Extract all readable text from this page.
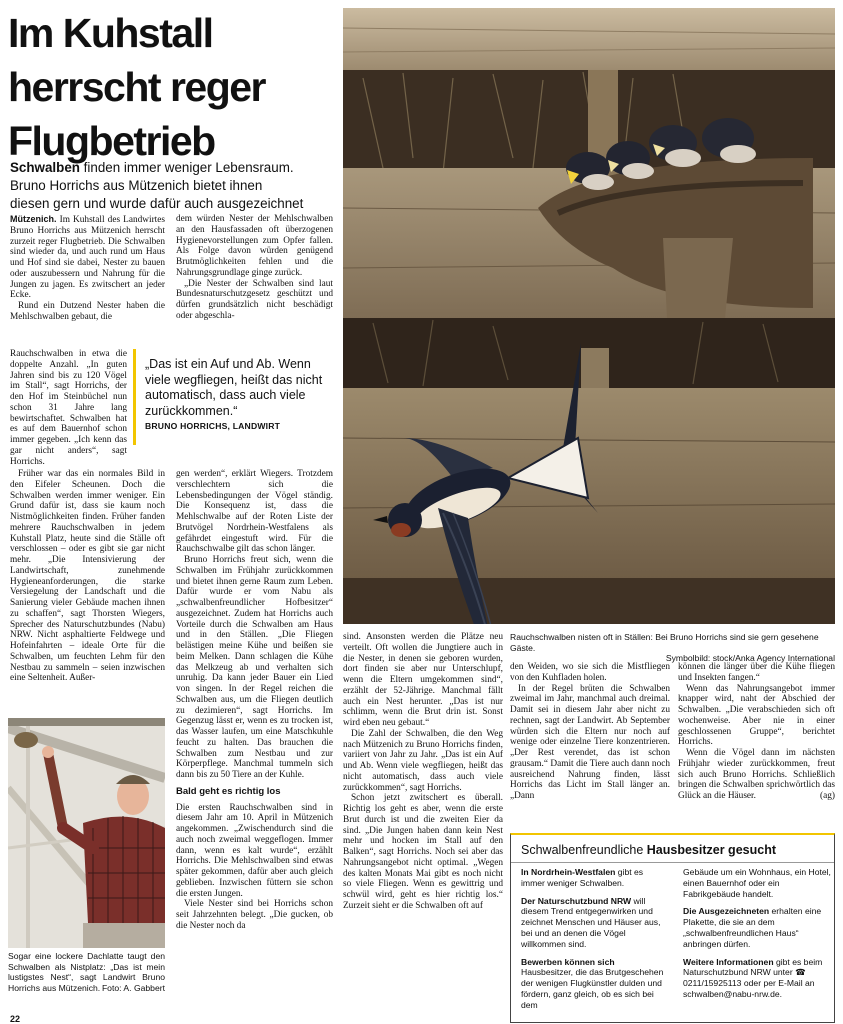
Im Kuhstall
herrscht reger
Flugbetrieb
Schwalben finden immer weniger Lebensraum.
Bruno Horrichs aus Mützenich bietet ihnen
diesen gern und wurde dafür auch ausgezeichnet

Mützenich. Im Kuhstall des Landwirtes Bruno Horrichs aus Mützenich herrscht zurzeit reger Flugbetrieb. Die Schwalben sind wieder da, und auch rund um Haus und Hof sind sie dabei, Nester zu bauen oder auszubessern und Nahrung für die Jungen zu jagen. Es zwitschert an jeder Ecke.

Rund ein Dutzend Nester haben die Mehlschwalben gebaut, die

Rauchschwalben in etwa die doppelte Anzahl. „In guten Jahren sind bis zu 120 Vögel im Stall“, sagt Horrichs, der den Hof im Steinbüchel nun schon 31 Jahre lang bewirtschaftet. Schwalben hat es auf dem Bauernhof schon immer gegeben. „Ich kenn das gar nicht anders“, sagt Horrichs.

Früher war das ein normales Bild in den Eifeler Scheunen. Doch die Schwalben werden immer weniger. Ein Grund dafür ist, dass sie kaum noch Nistmöglichkeiten finden. Früher fanden mehrere Rauchschwalben in jedem Kuhstall Platz, heute sind die Ställe oft verschlossen – oder es gibt sie gar nicht mehr. „Die Intensivierung der Landwirtschaft, zunehmende Hygieneanforderungen, die starke Versiegelung der Landschaft und die Sanierung vieler Gebäude machen ihnen zu schaffen“, sagt Thorsten Wiegers, Sprecher des Naturschutzbundes (Nabu) NRW. Nicht asphaltierte Feldwege und Hofeinfahrten – ideale Orte für die Schwalben, um feuchten Lehm für den Nestbau zu sammeln – seien inzwischen eine Seltenheit. Außer-

dem würden Nester der Mehlschwalben an den Hausfassaden oft überzogenen Hygienevorstellungen zum Opfer fallen. Als Folge davon würden genügend Brutmöglichkeiten fehlen und die Nahrungsgrundlage ginge zurück.

„Die Nester der Schwalben sind laut Bundesnaturschutzgesetz geschützt und dürfen grundsätzlich nicht beschädigt oder abgeschla-

gen werden“, erklärt Wiegers. Trotzdem verschlechtern sich die Lebensbedingungen der Vögel ständig. Die Konsequenz ist, dass die Mehlschwalbe auf der Roten Liste der Brutvögel Nordrhein-Westfalens als gefährdet eingestuft wird. Für die Rauchschwalbe gilt das schon länger.

Bruno Horrichs freut sich, wenn die Schwalben im Frühjahr zurückkommen und bietet ihnen gerne Raum zum Leben. Dafür wurde er vom Nabu als „schwalbenfreundlicher Hofbesitzer“ ausgezeichnet. Zudem hat Horrichs auch Vorteile durch die Schwalben am Haus und in den Ställen. „Die Fliegen belästigen meine Kühe und beißen sie beim Melken. Dann schlagen die Kühe das Melkzeug ab und verhalten sich unruhig. Da kann jeder Bauer ein Lied von singen. In der Regel reichen die Schwalben aus, um die Fliegen deutlich zu dezimieren“, sagt Horrichs. Im Gegenzug lässt er, wenn es zu trocken ist, das Wasser laufen, um eine Matschkuhle feucht zu halten. Das brauchen die Schwalben zum Nestbau und zur Körperpflege. Manchmal tummeln sich dann bis zu 50 Tiere an der Kuhle.

Bald geht es richtig los

Die ersten Rauchschwalben sind in diesem Jahr am 10. April in Mützenich angekommen. „Zwischendurch sind die auch noch zweimal weggeflogen. Immer dann, wenn es kalt wurde“, erzählt Horrichs. Die Mehlschwalben sind etwas später gekommen, dafür aber auch gleich geblieben. Inzwischen füttern sie schon die ersten Jungen.

Viele Nester sind bei Horrichs schon seit Jahrzehnten belegt. „Die gucken, ob die Nester noch da

„Das ist ein Auf und Ab. Wenn viele wegfliegen, heißt das nicht automatisch, dass auch viele zurückkommen.“
BRUNO HORRICHS, LANDWIRT
Rauchschwalben nisten oft in Ställen: Bei Bruno Horrichs sind sie gern gesehene Gäste.
Symbolbild: stock/Anka Agency International
Sogar eine lockere Dachlatte taugt den Schwalben als Nistplatz: „Das ist mein lustigstes Nest“, sagt Landwirt Bruno Horrichs aus Mützenich. Foto: A. Gabbert

sind. Ansonsten werden die Plätze neu verteilt. Oft wollen die Jungtiere auch in die Nester, in denen sie geboren wurden, dort finden sie aber nur Unterschlupf, wenn die Eltern umgekommen sind“, erzählt der 52-Jährige. Manchmal fällt auch ein Nest herunter. „Das ist nur schlimm, wenn die Brut drin ist. Sonst wird eben neu gebaut.“

Die Zahl der Schwalben, die den Weg nach Mützenich zu Bruno Horrichs finden, variiert von Jahr zu Jahr. „Das ist ein Auf und Ab. Wenn viele wegfliegen, heißt das nicht automatisch, dass auch viele zurückkommen“, sagt Horrichs.

Schon jetzt zwitschert es überall. Richtig los geht es aber, wenn die erste Brut durch ist und die zweiten Eier da sind. „Die Jungen haben dann kein Nest mehr und hocken im Stall auf den Balken“, sagt Horrichs. Noch sei aber das Nahrungsangebot nicht optimal. „Wegen des kalten Monats Mai gibt es noch nicht so viele Fliegen. Wenn es gewittrig und schwül wird, geht es hier richtig los.“ Zurzeit sieht er die Schwalben oft auf

den Weiden, wo sie sich die Mistfliegen von den Kuhfladen holen.

In der Regel brüten die Schwalben zweimal im Jahr, manchmal auch dreimal. Damit sei in diesem Jahr aber nicht zu rechnen, sagt der Landwirt. Ab September würden sich die Eltern nur noch auf wenige oder einzelne Tiere konzentrieren. „Der Rest verendet, das ist schon grausam.“ Damit die Tiere auch dann noch ausreichend Nahrung finden, lässt Horrichs das Licht im Stall länger an. „Dann

können die länger über die Kühe fliegen und Insekten fangen.“

Wenn das Nahrungsangebot immer knapper wird, naht der Abschied der Schwalben. „Die verabschieden sich oft wochenweise. Aber nie in einer geschlossenen Gruppe“, berichtet Horrichs.

Wenn die Vögel dann im nächsten Frühjahr wieder zurückkommen, freut sich auch Bruno Horrichs. Schließlich bringen die Schwalben sprichwörtlich das Glück an die Häuser.	(ag)

Schwalbenfreundliche Hausbesitzer gesucht

In Nordrhein-Westfalen gibt es immer weniger Schwalben.

Der Naturschutzbund NRW will diesem Trend entgegenwirken und zeichnet Menschen und Häuser aus, bei und an denen die Vögel willkommen sind.

Bewerben können sich Hausbesitzer, die das Brutgeschehen der wenigen Flugkünstler dulden und fördern, ganz gleich, ob es sich bei dem

Gebäude um ein Wohnhaus, ein Hotel, einen Bauernhof oder ein Fabrikgebäude handelt.

Die Ausgezeichneten erhalten eine Plakette, die sie an dem „schwalbenfreundlichen Haus“ anbringen dürfen.

Weitere Informationen gibt es beim Naturschutzbund NRW unter ☎ 0211/15925113 oder per E-Mail an schwalben@nabu-nrw.de.

22
